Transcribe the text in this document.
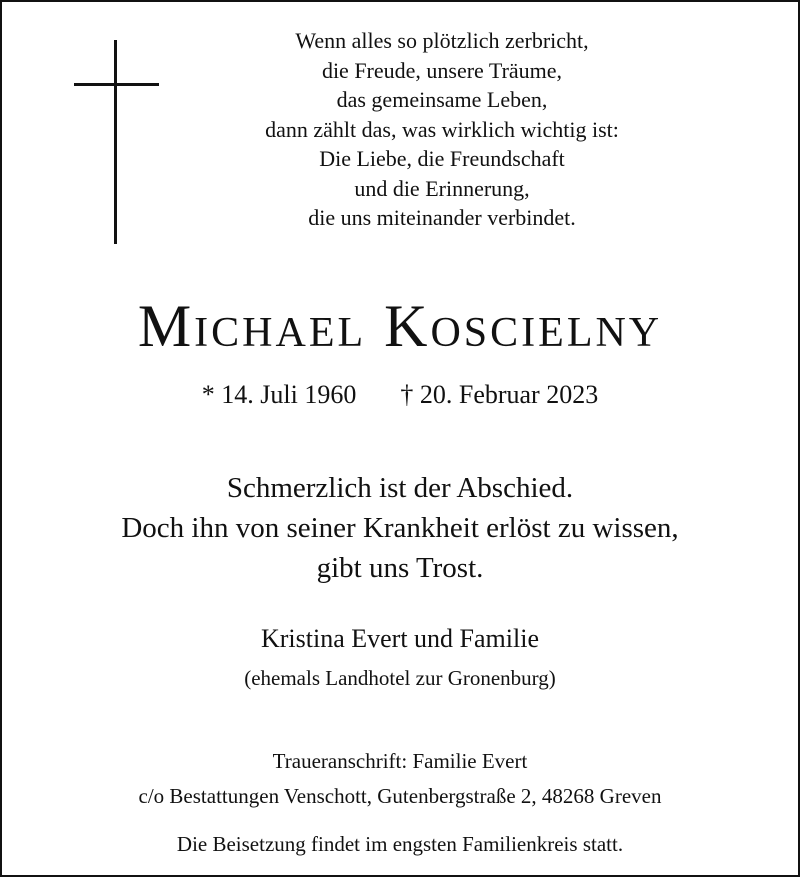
Wenn alles so plötzlich zerbricht,
die Freude, unsere Träume,
das gemeinsame Leben,
dann zählt das, was wirklich wichtig ist:
Die Liebe, die Freundschaft
und die Erinnerung,
die uns miteinander verbindet.
Michael Koscielny
* 14. Juli 1960 † 20. Februar 2023
Schmerzlich ist der Abschied.
Doch ihn von seiner Krankheit erlöst zu wissen,
gibt uns Trost.
Kristina Evert und Familie
(ehemals Landhotel zur Gronenburg)
Traueranschrift: Familie Evert
c/o Bestattungen Venschott, Gutenbergstraße 2, 48268 Greven
Die Beisetzung findet im engsten Familienkreis statt.
